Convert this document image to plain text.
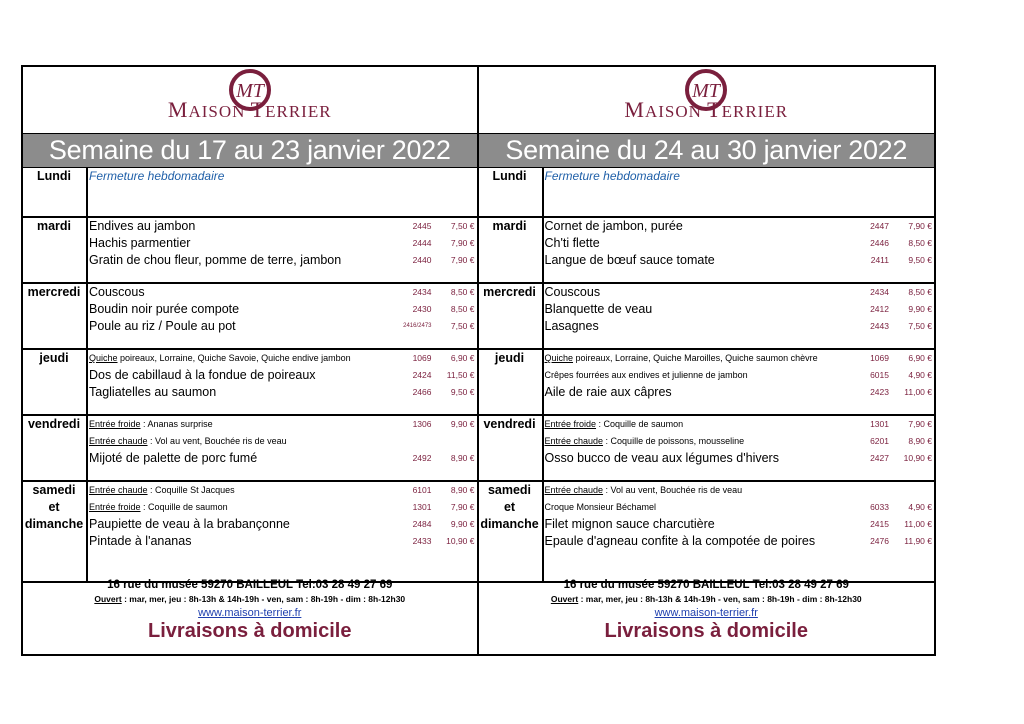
MT
MAISON TERRIER
Semaine du 17 au 23 janvier 2022
Lundi	Fermeture hebdomadaire
mardi	Endives au jambon	2445 7,50 €
Hachis parmentier	2444 7,90 €
Gratin de chou fleur, pomme de terre, jambon	2440 7,90 €
mercredi Couscous	2434 8,50 €
Boudin noir purée compote	2430 8,50 €
Poule au riz / Poule au pot	2416/2473 7,50 €
jeudi	Quiche poireaux, Lorraine, Quiche Savoie, Quiche endive jambon	1069 6,90 €
Dos de cabillaud à la fondue de poireaux	2424 11,50 €
Tagliatelles au saumon	2466 9,50 €
vendredi Entrée froide : Ananas surprise	1306 9,90 €
Entrée chaude : Vol au vent, Bouchée ris de veau
Mijoté de palette de porc fumé	2492 8,90 €
samedi
et
dimanche
Entrée chaude : Coquille St Jacques	6101 8,90 €
Entrée froide : Coquille de saumon	1301 7,90 €
Paupiette de veau à la brabançonne	2484 9,90 €
Pintade à l'ananas	2433 10,90 €
16 rue du musée 59270 BAILLEUL Tel:03 28 49 27 69
Ouvert : mar, mer, jeu : 8h-13h & 14h-19h - ven, sam : 8h-19h - dim : 8h-12h30
www.maison-terrier.fr
Livraisons à domicile
MT
MAISON TERRIER
Semaine du 24 au 30 janvier 2022
Lundi	Fermeture hebdomadaire
mardi	Cornet de jambon, purée	2447 7,90 €
Ch'ti flette	2446 8,50 €
Langue de bœuf sauce tomate	2411 9,50 €
mercredi Couscous	2434 8,50 €
Blanquette de veau	2412 9,90 €
Lasagnes	2443 7,50 €
jeudi	Quiche poireaux, Lorraine, Quiche Maroilles, Quiche saumon chèvre	1069 6,90 €
Crêpes fourrées aux endives et julienne de jambon	6015 4,90 €
Aile de raie aux câpres	2423 11,00 €
vendredi Entrée froide : Coquille de saumon	1301 7,90 €
Entrée chaude : Coquille de poissons, mousseline	6201 8,90 €
Osso bucco de veau aux légumes d'hivers	2427 10,90 €
samedi
et
dimanche
Entrée chaude : Vol au vent, Bouchée ris de veau
Croque Monsieur Béchamel	6033 4,90 €
Filet mignon sauce charcutière	2415 11,00 €
Epaule d'agneau confite à la compotée de poires	2476 11,90 €
16 rue du musée 59270 BAILLEUL Tel:03 28 49 27 69
Ouvert : mar, mer, jeu : 8h-13h & 14h-19h - ven, sam : 8h-19h - dim : 8h-12h30
www.maison-terrier.fr
Livraisons à domicile
